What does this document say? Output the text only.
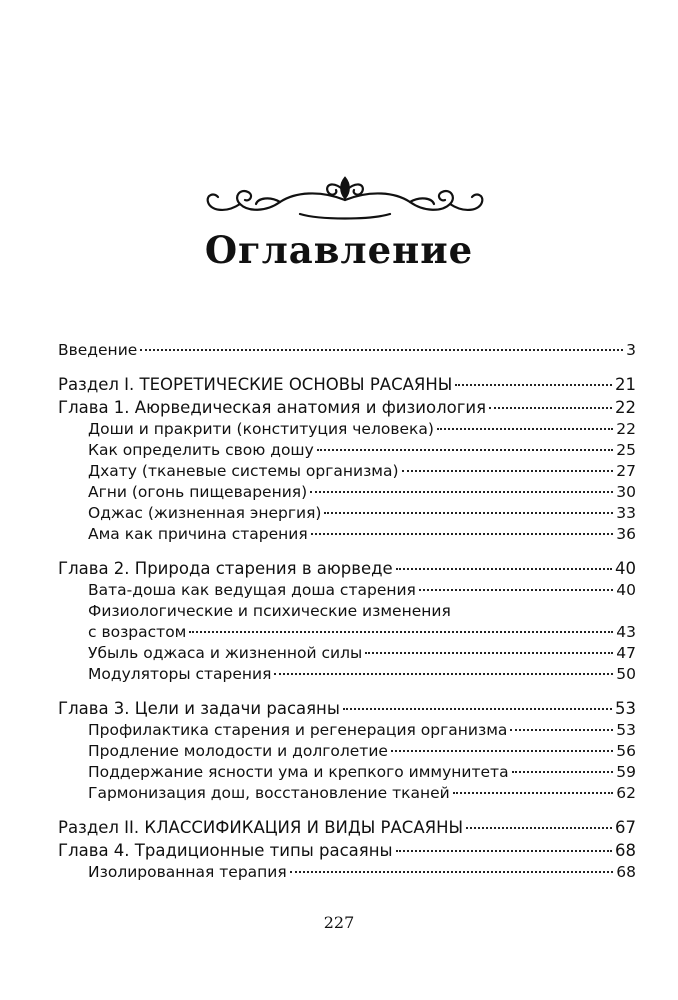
Оглавление
Введение	3
Раздел I. ТЕОРЕТИЧЕСКИЕ ОСНОВЫ РАСАЯНЫ	21
Глава 1. Аюрведическая анатомия и физиология	22
Доши и пракрити (конституция человека)	22
Как определить свою дошу	25
Дхату (тканевые системы организма)	27
Агни (огонь пищеварения)	30
Оджас (жизненная энергия)	33
Ама как причина старения	36
Глава 2. Природа старения в аюрведе	40
Вата-доша как ведущая доша старения	40
Физиологические и психические изменения
с возрастом	43
Убыль оджаса и жизненной силы	47
Модуляторы старения	50
Глава 3. Цели и задачи расаяны	53
Профилактика старения и регенерация организма	53
Продление молодости и долголетие	56
Поддержание ясности ума и крепкого иммунитета	59
Гармонизация дош, восстановление тканей	62
Раздел II. КЛАССИФИКАЦИЯ И ВИДЫ РАСАЯНЫ	67
Глава 4. Традиционные типы расаяны	68
Изолированная терапия	68
227
